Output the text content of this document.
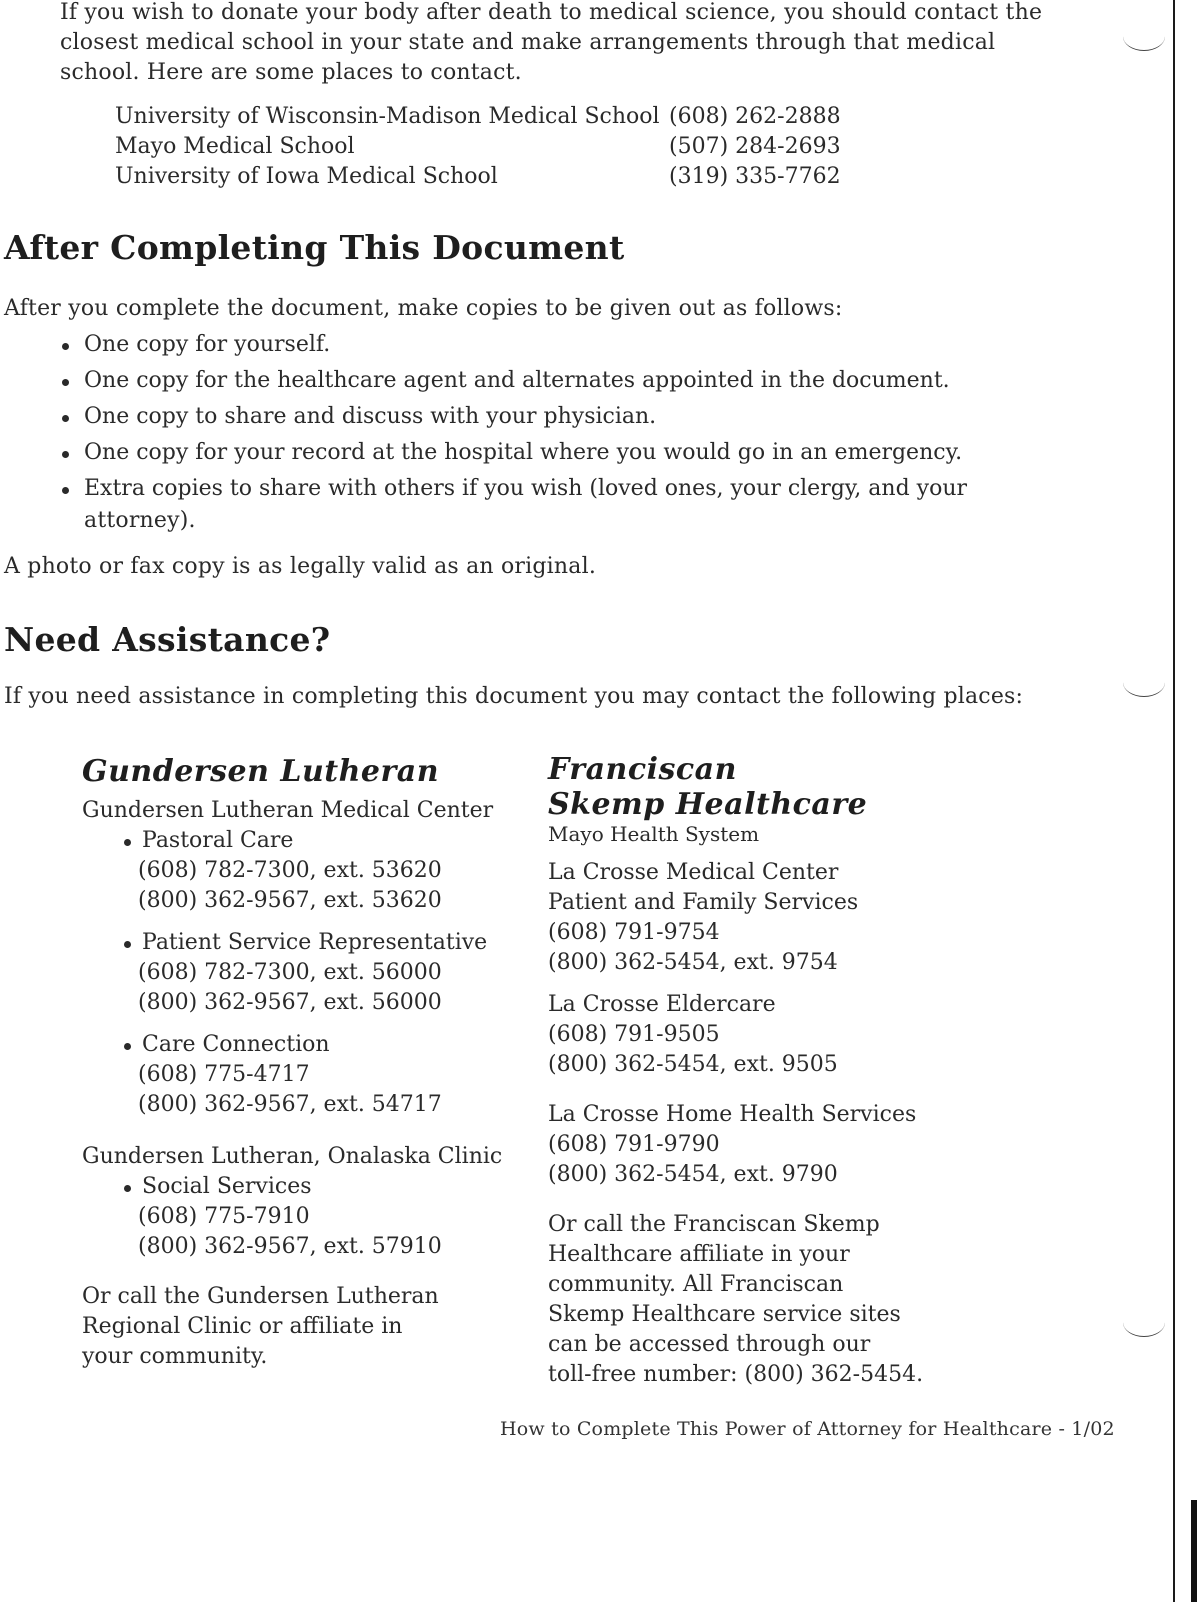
If you wish to donate your body after death to medical science, you should contact the
closest medical school in your state and make arrangements through that medical
school. Here are some places to contact.
University of Wisconsin-Madison Medical School (608) 262-2888
Mayo Medical School	(507) 284-2693
University of Iowa Medical School	(319) 335-7762
After Completing This Document

After you complete the document, make copies to be given out as follows:

One copy for yourself.
One copy for the healthcare agent and alternates appointed in the document.
One copy to share and discuss with your physician.
One copy for your record at the hospital where you would go in an emergency.
Extra copies to share with others if you wish (loved ones, your clergy, and your
attorney).

A photo or fax copy is as legally valid as an original.

Need Assistance?

If you need assistance in completing this document you may contact the following places:

Gundersen Lutheran
Gundersen Lutheran Medical Center
Pastoral Care
(608) 782-7300, ext. 53620
(800) 362-9567, ext. 53620
Patient Service Representative
(608) 782-7300, ext. 56000
(800) 362-9567, ext. 56000
Care Connection
(608) 775-4717
(800) 362-9567, ext. 54717
Gundersen Lutheran, Onalaska Clinic
Social Services
(608) 775-7910
(800) 362-9567, ext. 57910
Or call the Gundersen Lutheran
Regional Clinic or affiliate in
your community.
Franciscan
Skemp Healthcare
Mayo Health System
La Crosse Medical Center
Patient and Family Services
(608) 791-9754
(800) 362-5454, ext. 9754
La Crosse Eldercare
(608) 791-9505
(800) 362-5454, ext. 9505
La Crosse Home Health Services
(608) 791-9790
(800) 362-5454, ext. 9790
Or call the Franciscan Skemp
Healthcare affiliate in your
community. All Franciscan
Skemp Healthcare service sites
can be accessed through our
toll-free number: (800) 362-5454.

How to Complete This Power of Attorney for Healthcare - 1/02
